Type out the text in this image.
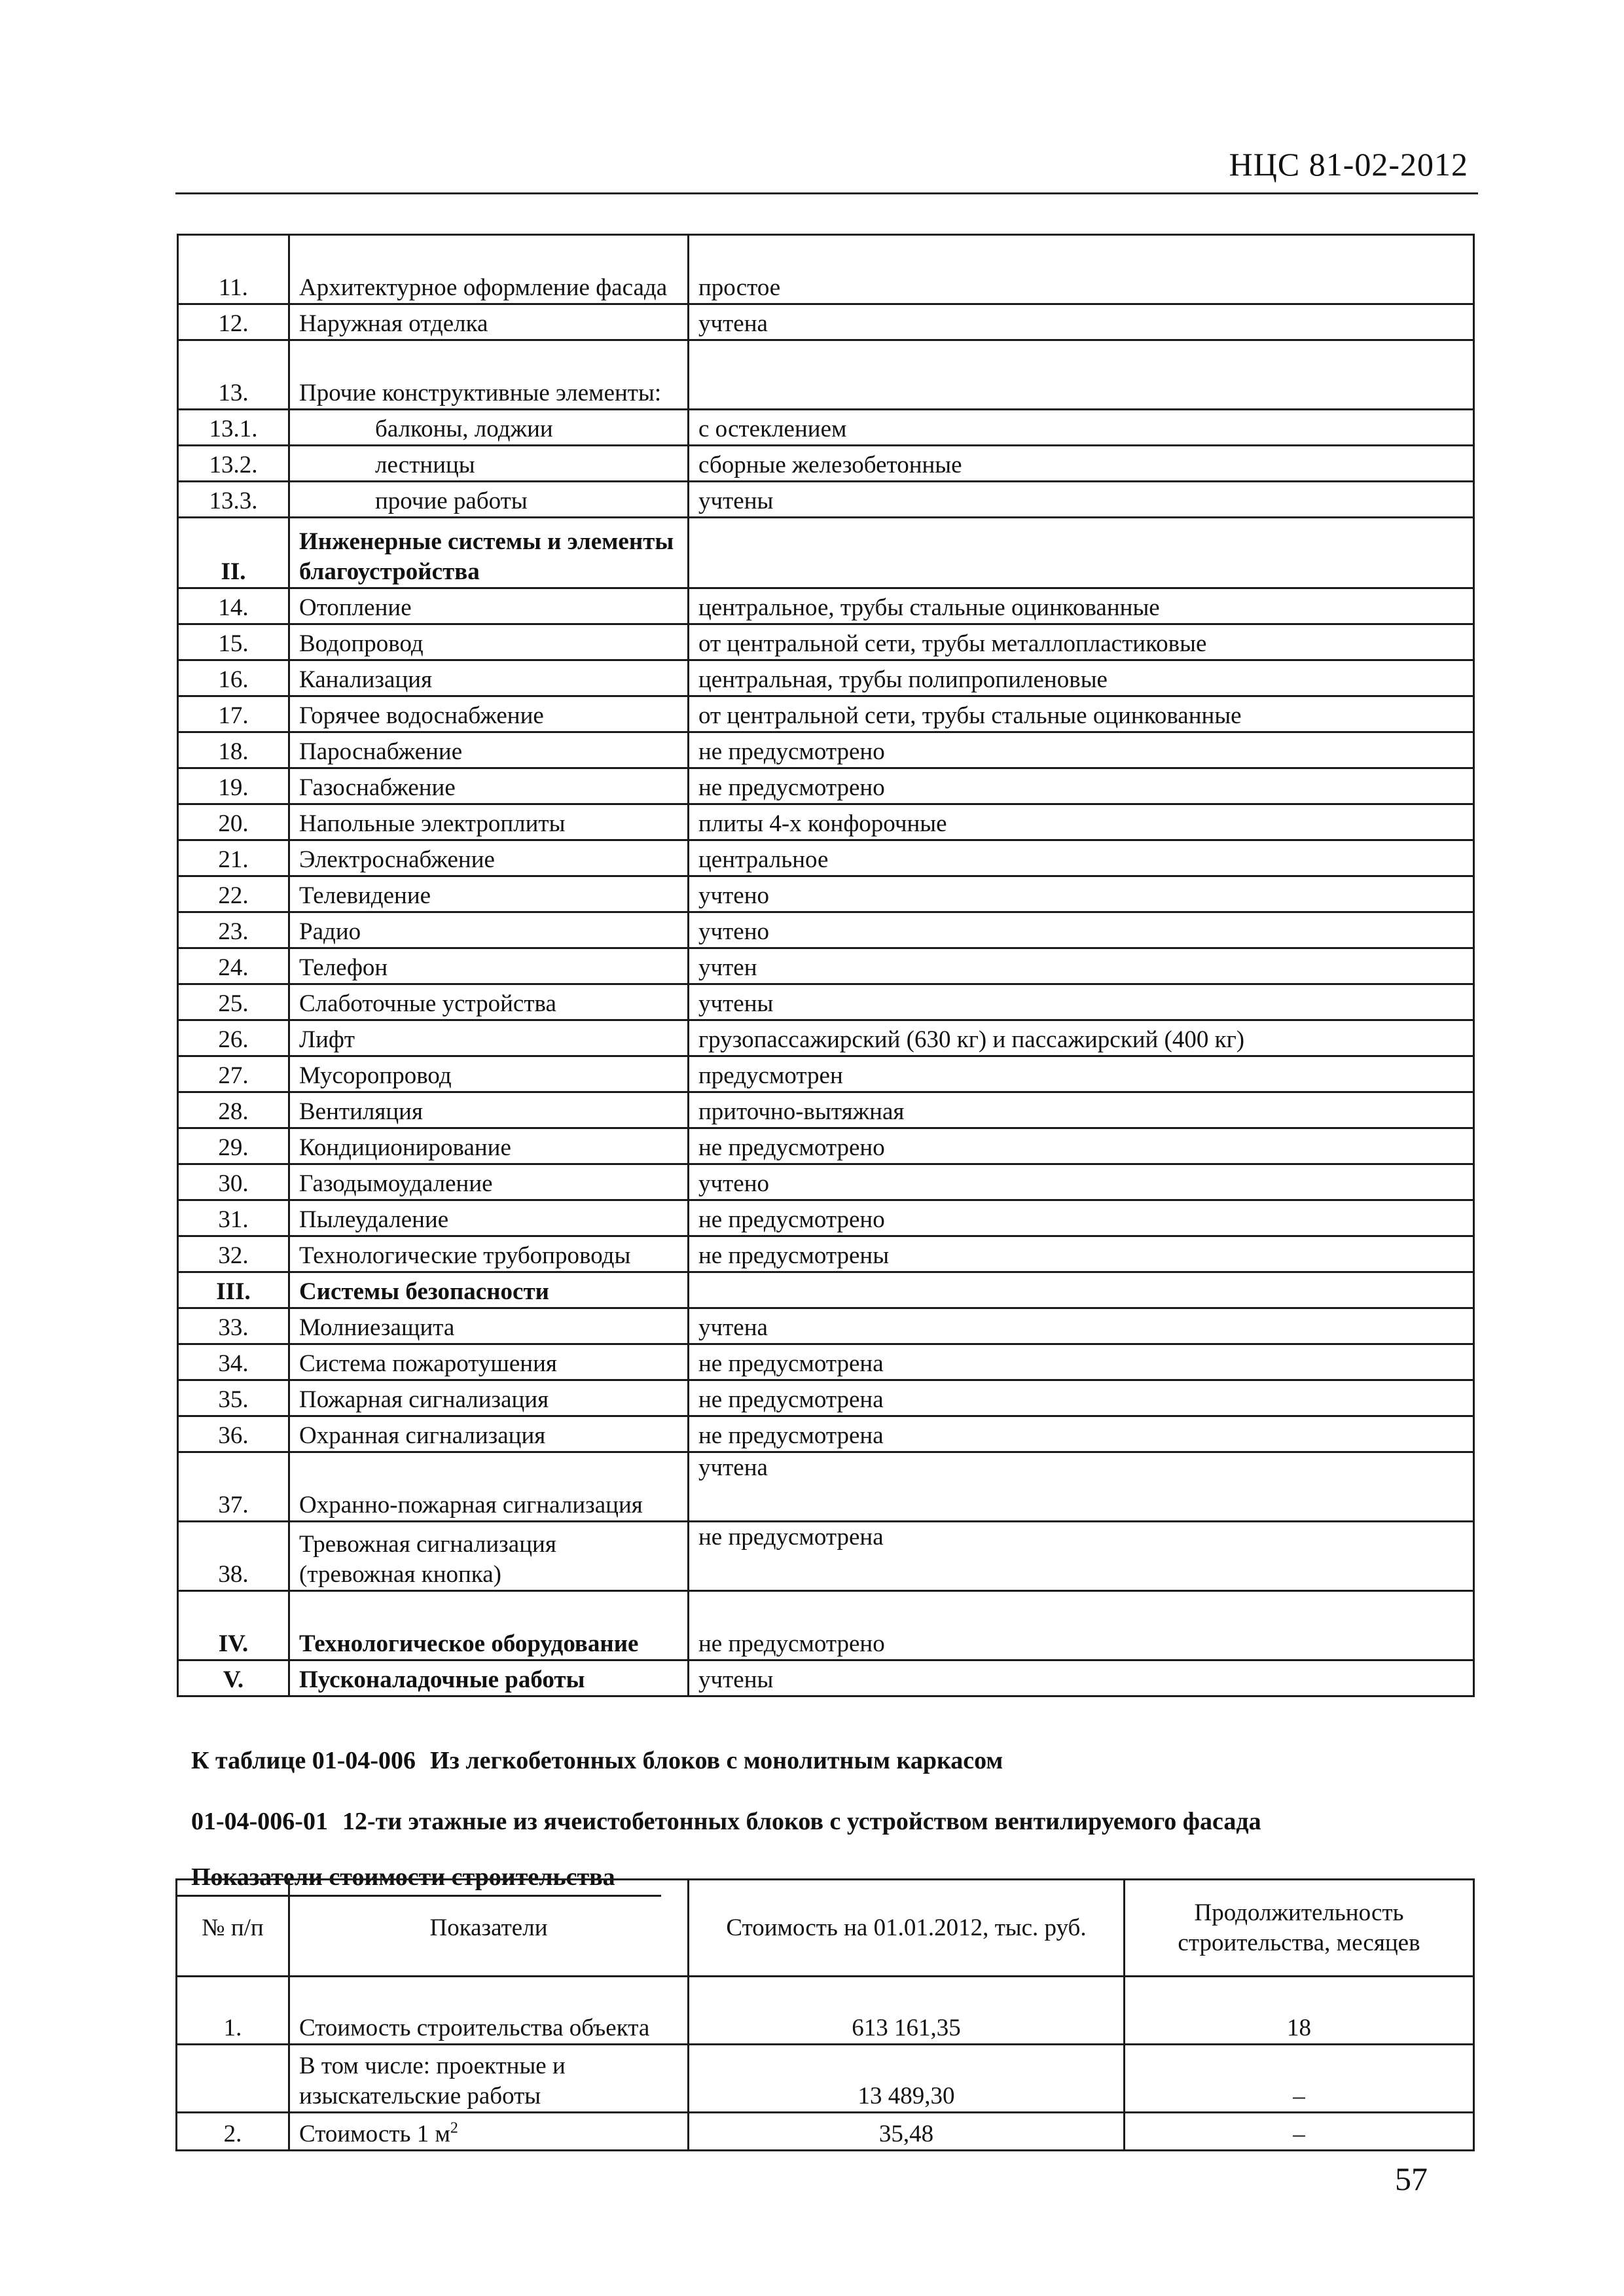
НЦС 81-02-2012
11.	Архитектурное оформление фасада	простое
12.	Наружная отделка	учтена
13.	Прочие конструктивные элементы:	
13.1.	балконы, лоджии	с остеклением
13.2.	лестницы	сборные железобетонные
13.3.	прочие работы	учтены
II.	Инженерные системы и элементы благоустройства	
14.	Отопление	центральное, трубы стальные оцинкованные
15.	Водопровод	от центральной сети, трубы металлопластиковые
16.	Канализация	центральная, трубы полипропиленовые
17.	Горячее водоснабжение	от центральной сети, трубы стальные оцинкованные
18.	Пароснабжение	не предусмотрено
19.	Газоснабжение	не предусмотрено
20.	Напольные электроплиты	плиты 4-х конфорочные
21.	Электроснабжение	центральное
22.	Телевидение	учтено
23.	Радио	учтено
24.	Телефон	учтен
25.	Слаботочные устройства	учтены
26.	Лифт	грузопассажирский (630 кг) и пассажирский (400 кг)
27.	Мусоропровод	предусмотрен
28.	Вентиляция	приточно-вытяжная
29.	Кондиционирование	не предусмотрено
30.	Газодымоудаление	учтено
31.	Пылеудаление	не предусмотрено
32.	Технологические трубопроводы	не предусмотрены
III.	Системы безопасности	
33.	Молниезащита	учтена
34.	Система пожаротушения	не предусмотрена
35.	Пожарная сигнализация	не предусмотрена
36.	Охранная сигнализация	не предусмотрена
37.	Охранно-пожарная сигнализация	учтена
38.	Тревожная сигнализация (тревожная кнопка)	не предусмотрена
IV.	Технологическое оборудование	не предусмотрено
V.	Пусконаладочные работы	учтены
К таблице 01-04-006 Из легкобетонных блоков с монолитным каркасом
01-04-006-01 12-ти этажные из ячеистобетонных блоков с устройством вентилируемого фасада
Показатели стоимости строительства
№ п/п	Показатели	Стоимость на 01.01.2012, тыс. руб.	Продолжительность строительства, месяцев
1.	Стоимость строительства объекта	613 161,35	18
	В том числе: проектные и изыскательские работы	13 489,30	–
2.	Стоимость 1 $м^2$	35,48	–
57
